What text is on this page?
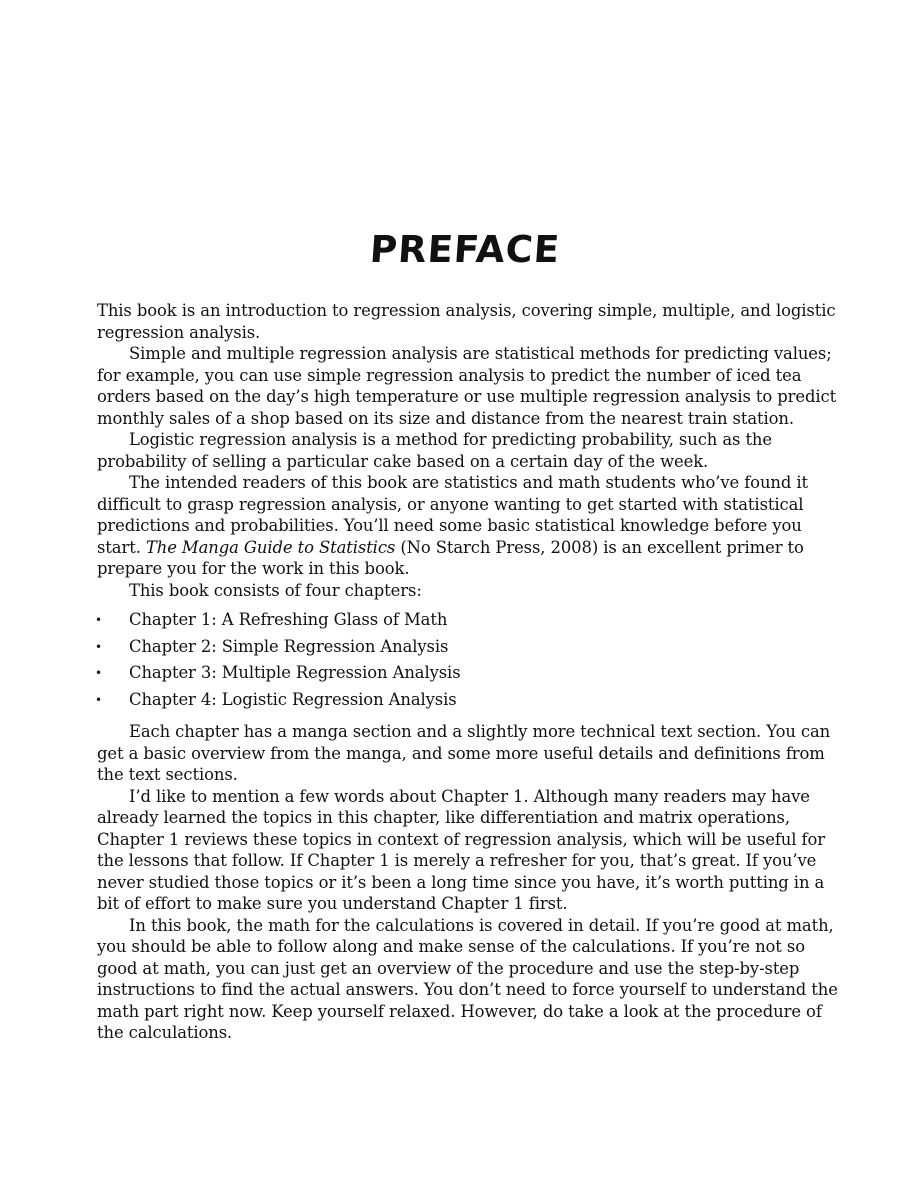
PREFACE

This book is an introduction to regression analysis, covering simple, multiple, and logistic regression analysis.

Simple and multiple regression analysis are statistical methods for predicting values; for example, you can use simple regression analysis to predict the number of iced tea orders based on the day’s high temperature or use multiple regression analysis to predict monthly sales of a shop based on its size and distance from the nearest train station.

Logistic regression analysis is a method for predicting probability, such as the probability of selling a particular cake based on a certain day of the week.

The intended readers of this book are statistics and math students who’ve found it difficult to grasp regression analysis, or anyone wanting to get started with statistical predictions and probabilities. You’ll need some basic statistical knowledge before you start. The Manga Guide to Statistics (No Starch Press, 2008) is an excellent primer to prepare you for the work in this book.

This book consists of four chapters:

• Chapter 1: A Refreshing Glass of Math
• Chapter 2: Simple Regression Analysis
• Chapter 3: Multiple Regression Analysis
• Chapter 4: Logistic Regression Analysis

Each chapter has a manga section and a slightly more technical text section. You can get a basic overview from the manga, and some more useful details and definitions from the text sections.

I’d like to mention a few words about Chapter 1. Although many readers may have already learned the topics in this chapter, like differentiation and matrix operations, Chapter 1 reviews these topics in context of regression analysis, which will be useful for the lessons that follow. If Chapter 1 is merely a refresher for you, that’s great. If you’ve never studied those topics or it’s been a long time since you have, it’s worth putting in a bit of effort to make sure you understand Chapter 1 first.

In this book, the math for the calculations is covered in detail. If you’re good at math, you should be able to follow along and make sense of the calculations. If you’re not so good at math, you can just get an overview of the procedure and use the step-by-step instructions to find the actual answers. You don’t need to force yourself to understand the math part right now. Keep yourself relaxed. However, do take a look at the procedure of the calculations.
